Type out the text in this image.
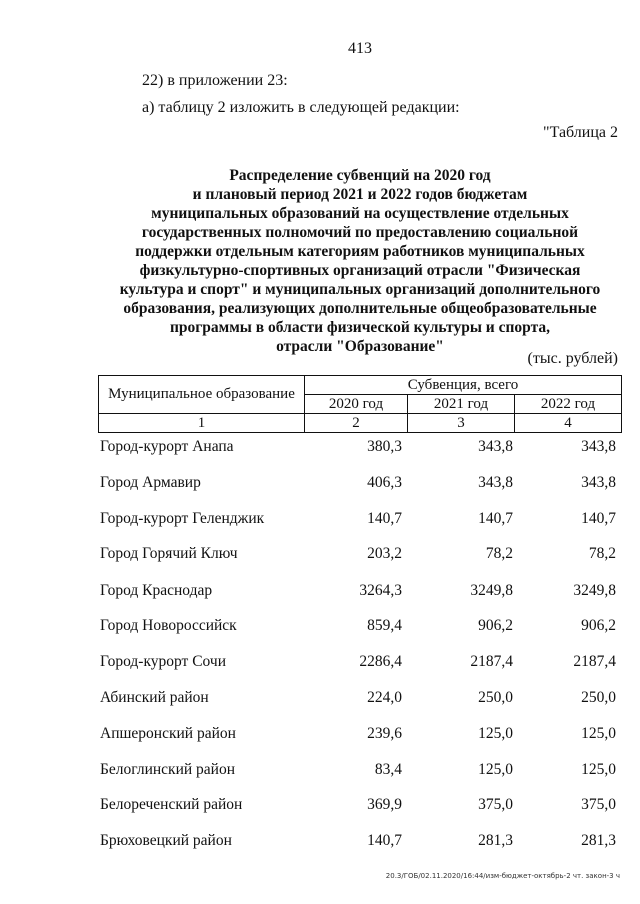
413
22) в приложении 23:
а) таблицу 2 изложить в следующей редакции:
"Таблица 2
Распределение субвенций на 2020 год
и плановый период 2021 и 2022 годов бюджетам
муниципальных образований на осуществление отдельных
государственных полномочий по предоставлению социальной
поддержки отдельным категориям работников муниципальных
физкультурно-спортивных организаций отрасли "Физическая
культура и спорт" и муниципальных организаций дополнительного
образования, реализующих дополнительные общеобразовательные
программы в области физической культуры и спорта,
отрасли "Образование"
(тыс. рублей)
Муниципальное образование	Субвенция, всего		
	2020 год	2021 год	2022 год
1	2	3	4
Город-курорт Анапа	380,3	343,8	343,8
Город Армавир	406,3	343,8	343,8
Город-курорт Геленджик	140,7	140,7	140,7
Город Горячий Ключ	203,2	78,2	78,2
Город Краснодар	3264,3	3249,8	3249,8
Город Новороссийск	859,4	906,2	906,2
Город-курорт Сочи	2286,4	2187,4	2187,4
Абинский район	224,0	250,0	250,0
Апшеронский район	239,6	125,0	125,0
Белоглинский район	83,4	125,0	125,0
Белореченский район	369,9	375,0	375,0
Брюховецкий район	140,7	281,3	281,3
20.3/ГОБ/02.11.2020/16:44/изм-бюджет-октябрь-2 чт. закон-3 ч
